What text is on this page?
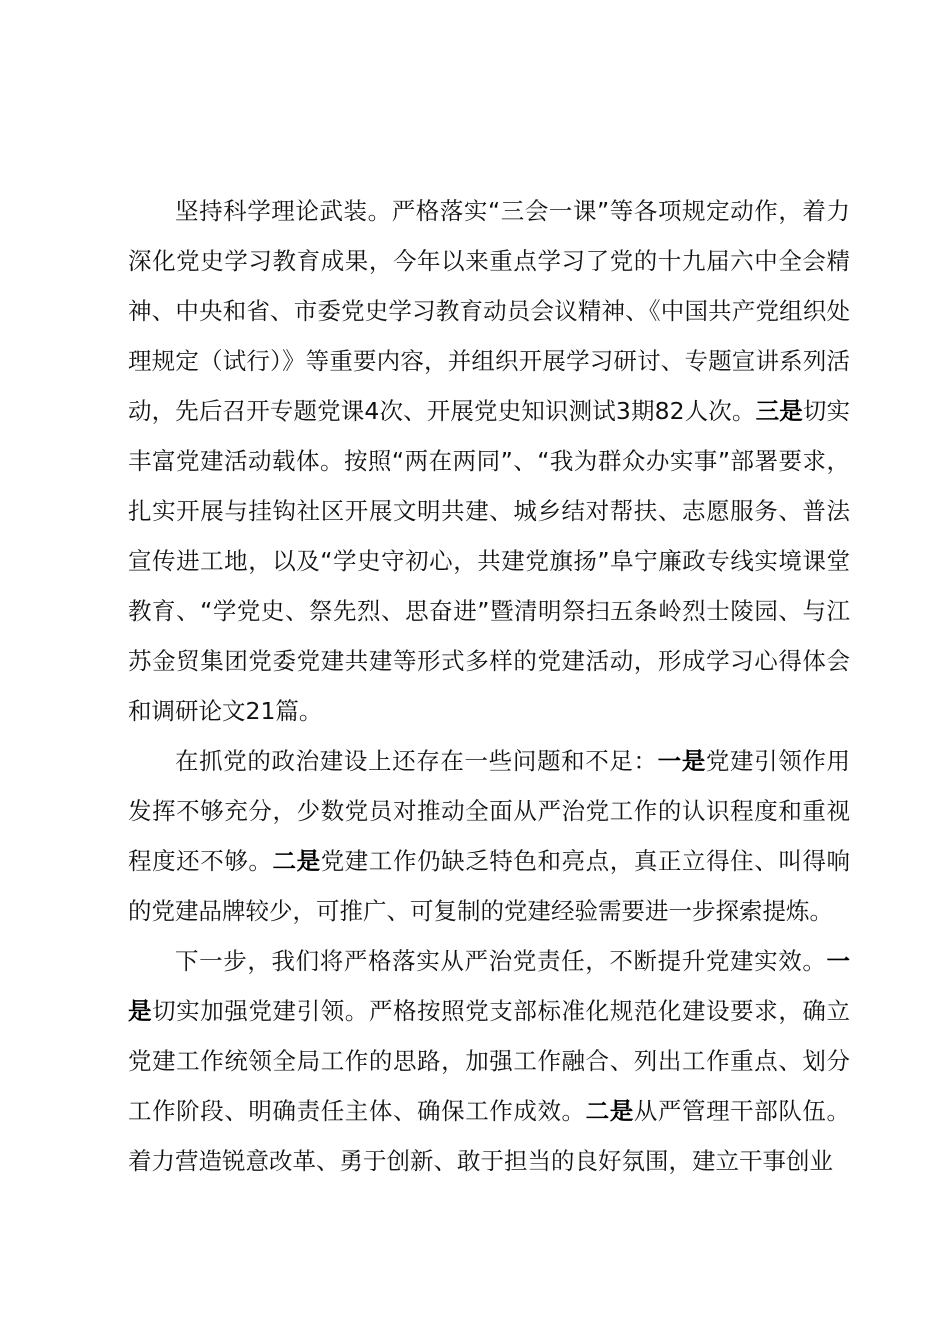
坚持科学理论武装。严格落实“三会一课”等各项规定动作，着力深化党史学习教育成果，今年以来重点学习了党的十九届六中全会精神、中央和省、市委党史学习教育动员会议精神、《中国共产党组织处理规定（试行）》等重要内容，并组织开展学习研讨、专题宣讲系列活动，先后召开专题党课4次、开展党史知识测试3期82人次。三是切实丰富党建活动载体。按照“两在两同”、“我为群众办实事”部署要求，扎实开展与挂钩社区开展文明共建、城乡结对帮扶、志愿服务、普法宣传进工地，以及“学史守初心，共建党旗扬”阜宁廉政专线实境课堂教育、“学党史、祭先烈、思奋进”暨清明祭扫五条岭烈士陵园、与江苏金贸集团党委党建共建等形式多样的党建活动，形成学习心得体会和调研论文21篇。

在抓党的政治建设上还存在一些问题和不足：一是党建引领作用发挥不够充分，少数党员对推动全面从严治党工作的认识程度和重视程度还不够。二是党建工作仍缺乏特色和亮点，真正立得住、叫得响的党建品牌较少，可推广、可复制的党建经验需要进一步探索提炼。

下一步，我们将严格落实从严治党责任，不断提升党建实效。一是切实加强党建引领。严格按照党支部标准化规范化建设要求，确立党建工作统领全局工作的思路，加强工作融合、列出工作重点、划分工作阶段、明确责任主体、确保工作成效。二是从严管理干部队伍。着力营造锐意改革、勇于创新、敢于担当的良好氛围，建立干事创业
